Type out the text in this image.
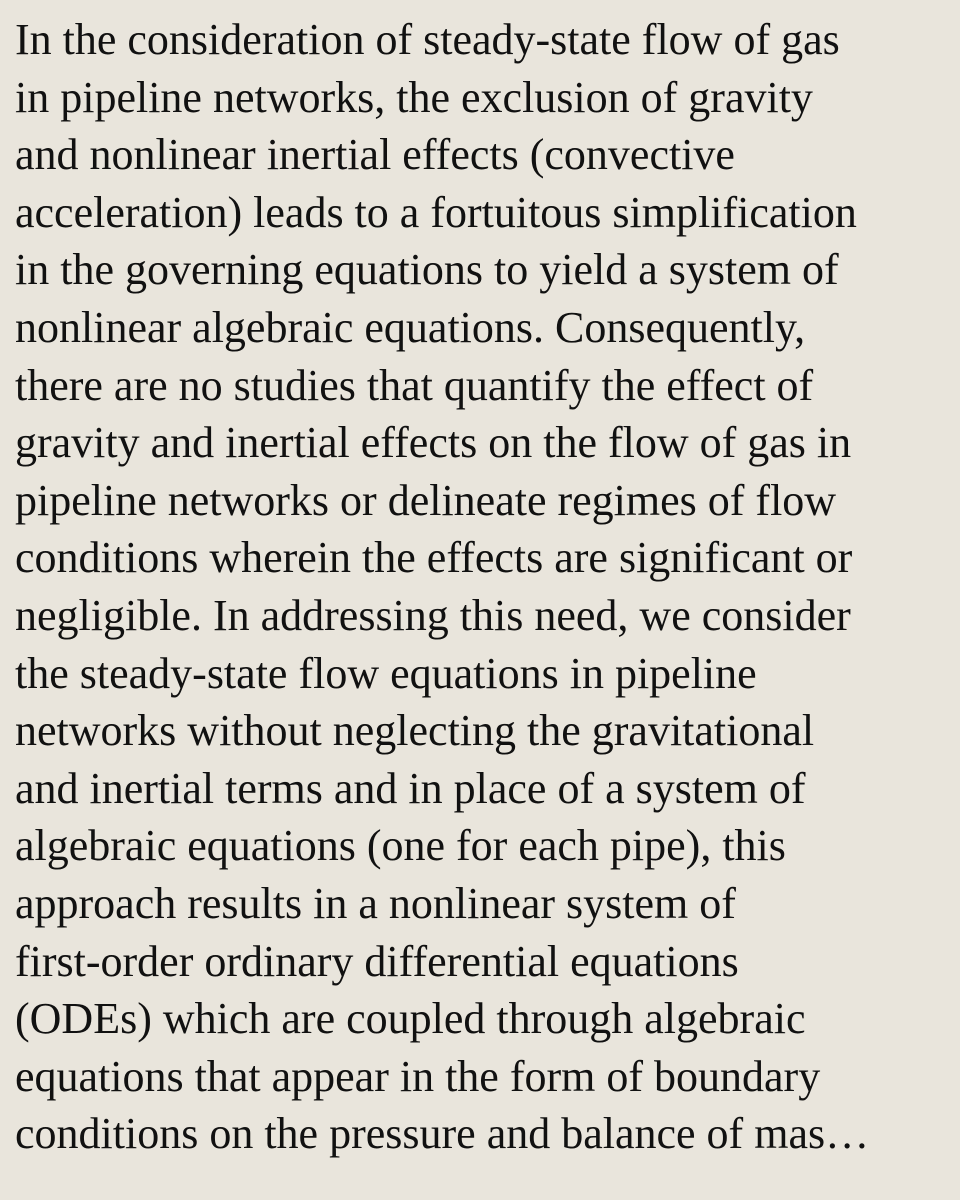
In the consideration of steady-state flow of gas
in pipeline networks, the exclusion of gravity
and nonlinear inertial effects (convective
acceleration) leads to a fortuitous simplification
in the governing equations to yield a system of
nonlinear algebraic equations. Consequently,
there are no studies that quantify the effect of
gravity and inertial effects on the flow of gas in
pipeline networks or delineate regimes of flow
conditions wherein the effects are significant or
negligible. In addressing this need, we consider
the steady-state flow equations in pipeline
networks without neglecting the gravitational
and inertial terms and in place of a system of
algebraic equations (one for each pipe), this
approach results in a nonlinear system of
first-order ordinary differential equations
(ODEs) which are coupled through algebraic
equations that appear in the form of boundary
conditions on the pressure and balance of mas…
